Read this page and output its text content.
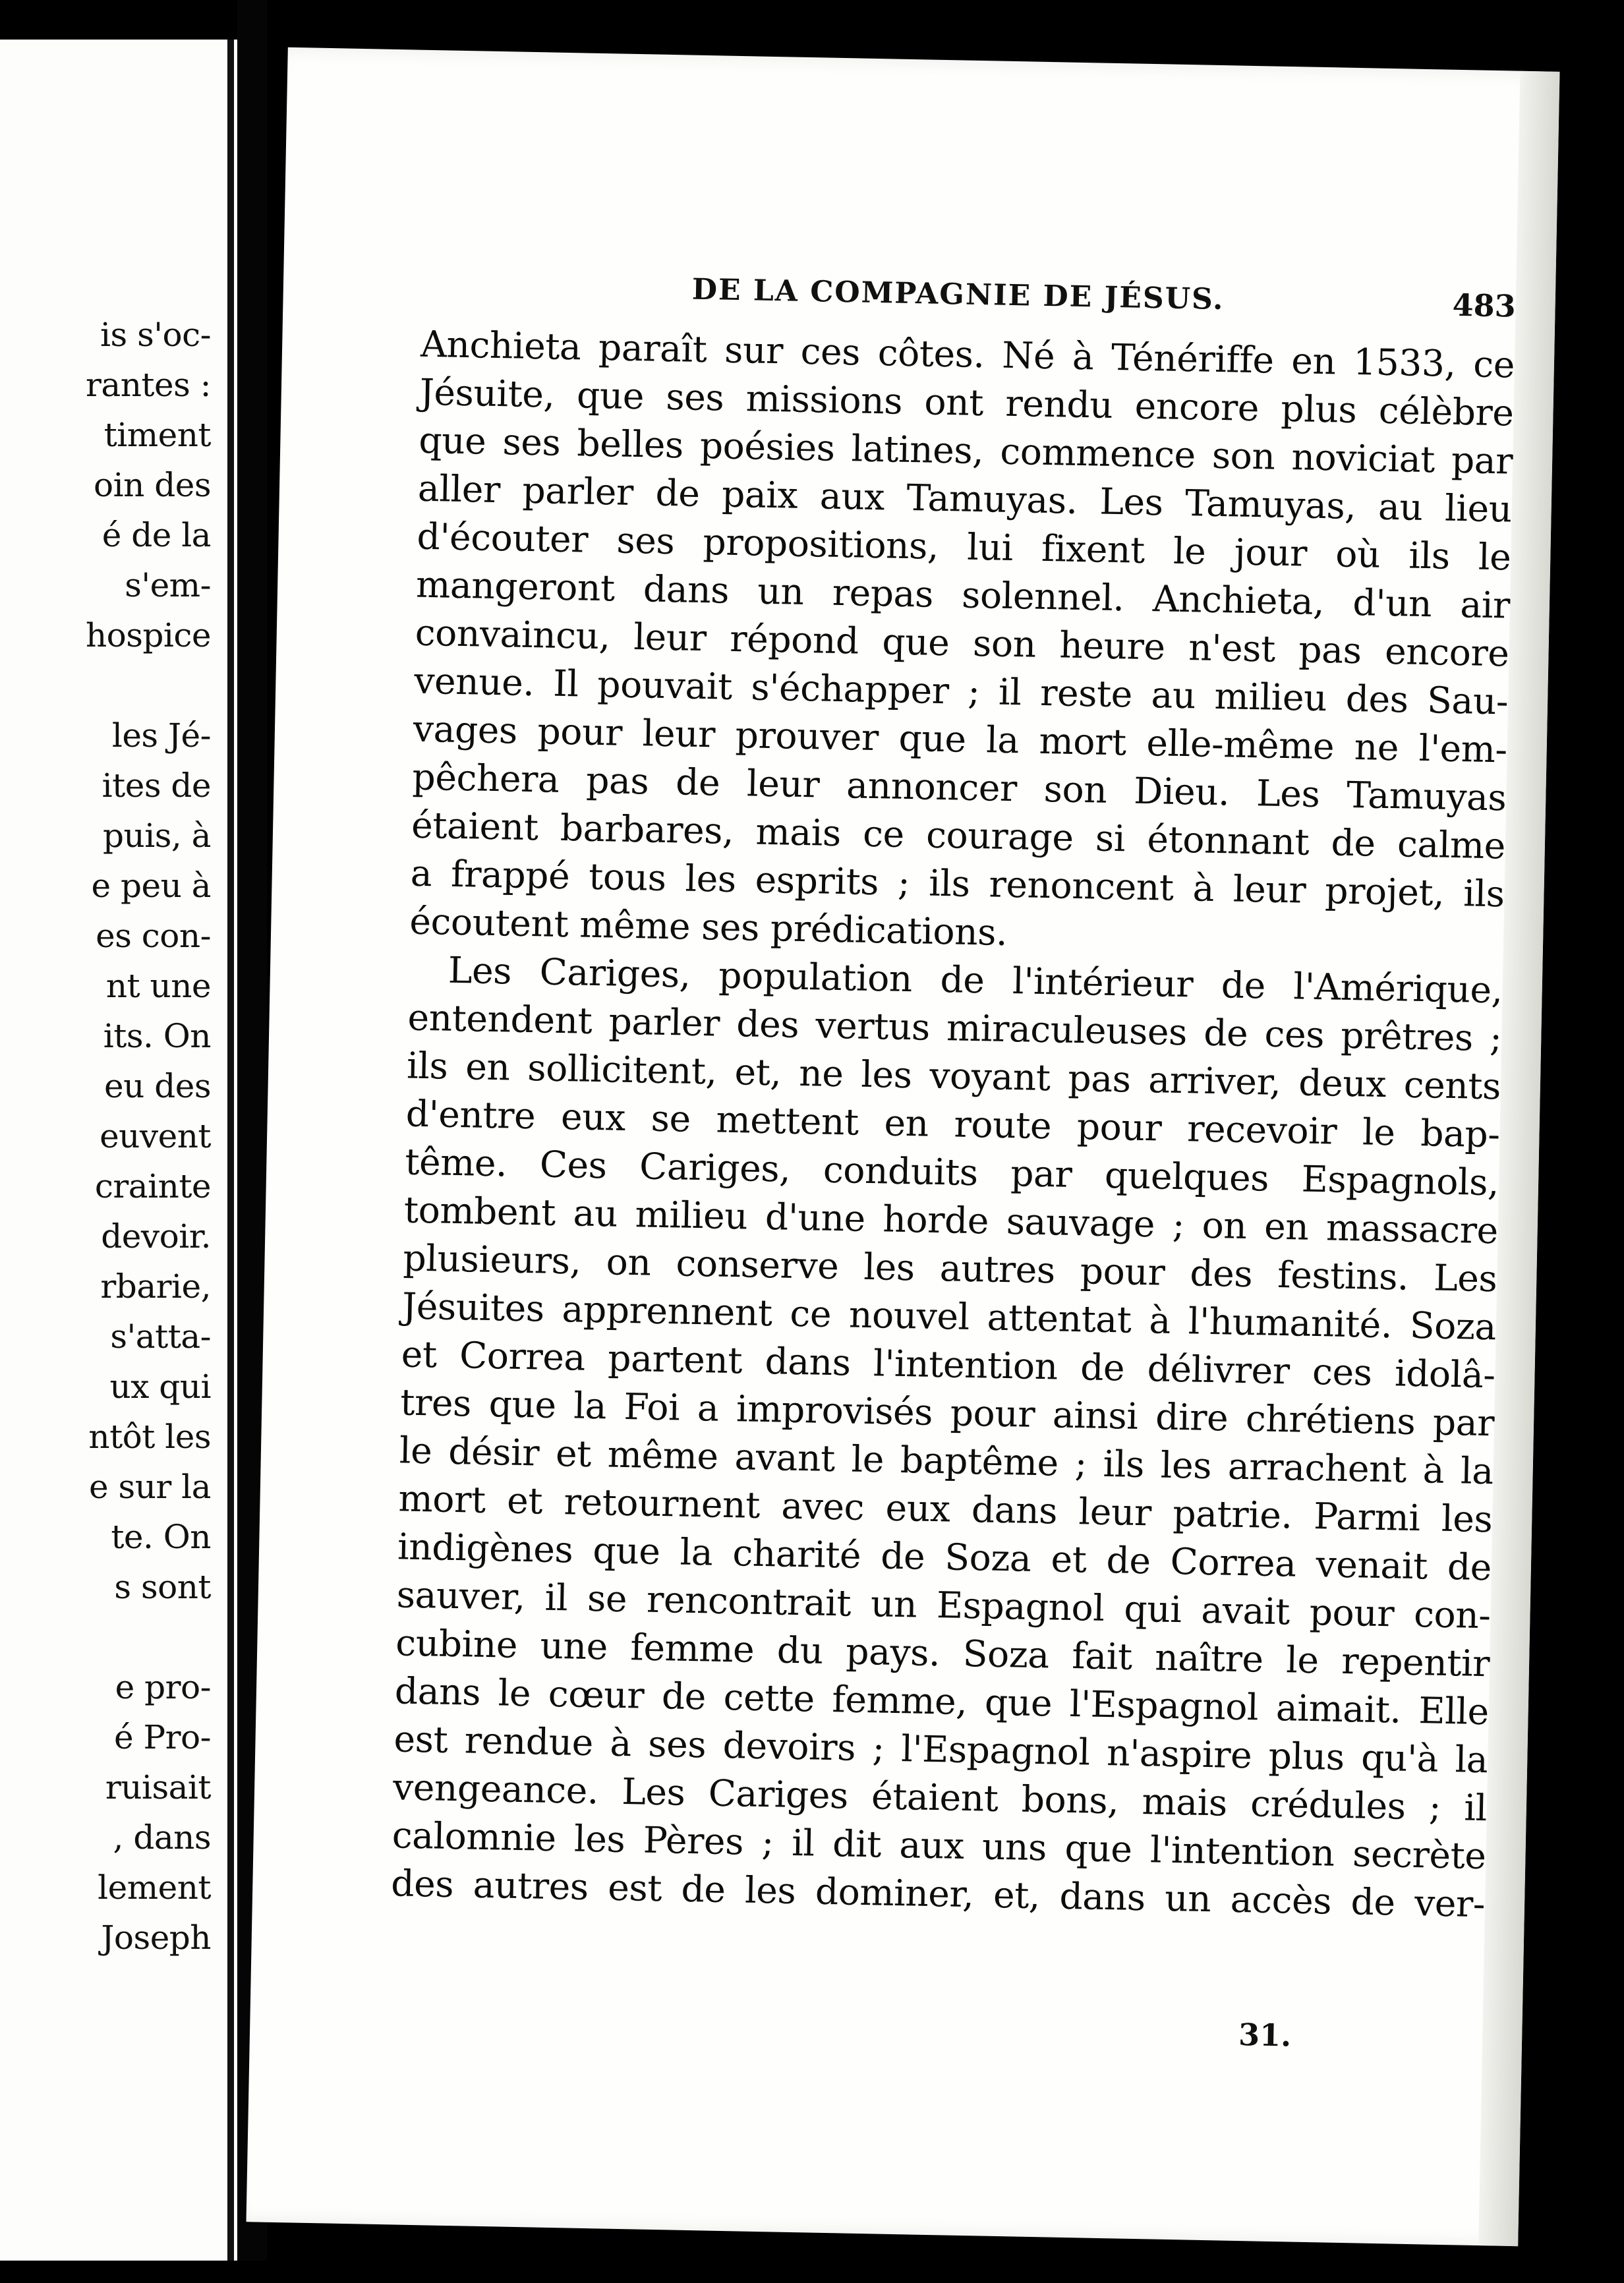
is s'oc-
rantes :
timent
oin des
é de la
s'em-
hospice
les Jé-
ites de
puis, à
e peu à
es con-
nt une
its. On
eu des
euvent
crainte
devoir.
rbarie,
s'atta-
ux qui
ntôt les
e sur la
te. On
s sont
e pro-
é Pro-
ruisait
, dans
lement
Joseph
DE LA COMPAGNIE DE JÉSUS.	483
Anchieta paraît sur ces côtes. Né à Ténériffe en 1533, ce
Jésuite, que ses missions ont rendu encore plus célèbre
que ses belles poésies latines, commence son noviciat par
aller parler de paix aux Tamuyas. Les Tamuyas, au lieu
d'écouter ses propositions, lui fixent le jour où ils le
mangeront dans un repas solennel. Anchieta, d'un air
convaincu, leur répond que son heure n'est pas encore
venue. Il pouvait s'échapper ; il reste au milieu des Sau-
vages pour leur prouver que la mort elle-même ne l'em-
pêchera pas de leur annoncer son Dieu. Les Tamuyas
étaient barbares, mais ce courage si étonnant de calme
a frappé tous les esprits ; ils renoncent à leur projet, ils
écoutent même ses prédications.
Les Cariges, population de l'intérieur de l'Amérique,
entendent parler des vertus miraculeuses de ces prêtres ;
ils en sollicitent, et, ne les voyant pas arriver, deux cents
d'entre eux se mettent en route pour recevoir le bap-
tême. Ces Cariges, conduits par quelques Espagnols,
tombent au milieu d'une horde sauvage ; on en massacre
plusieurs, on conserve les autres pour des festins. Les
Jésuites apprennent ce nouvel attentat à l'humanité. Soza
et Correa partent dans l'intention de délivrer ces idolâ-
tres que la Foi a improvisés pour ainsi dire chrétiens par
le désir et même avant le baptême ; ils les arrachent à la
mort et retournent avec eux dans leur patrie. Parmi les
indigènes que la charité de Soza et de Correa venait de
sauver, il se rencontrait un Espagnol qui avait pour con-
cubine une femme du pays. Soza fait naître le repentir
dans le cœur de cette femme, que l'Espagnol aimait. Elle
est rendue à ses devoirs ; l'Espagnol n'aspire plus qu'à la
vengeance. Les Cariges étaient bons, mais crédules ; il
calomnie les Pères ; il dit aux uns que l'intention secrète
des autres est de les dominer, et, dans un accès de ver-
31.
